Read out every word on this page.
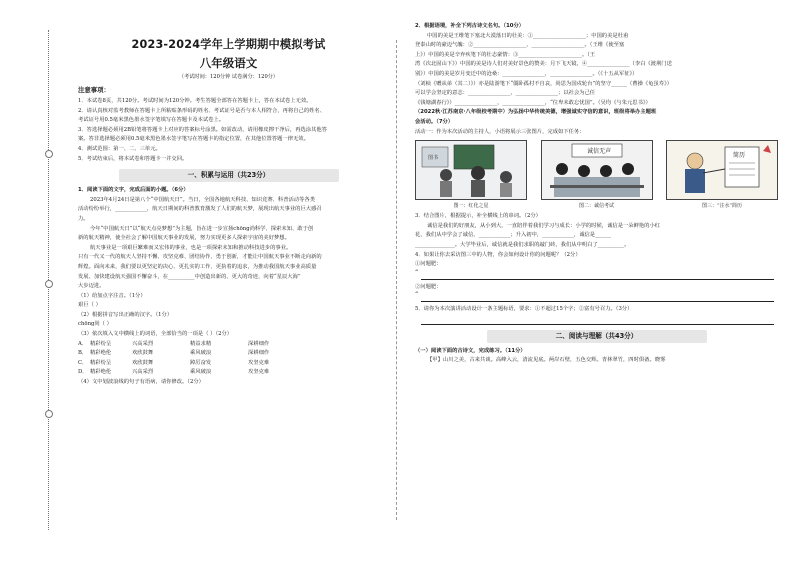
2023-2024学年上学期期中模拟考试
八年级语文
（考试时间：120分钟 试卷满分：120分）
注意事项：
1．本试卷8页，共120分。考试时间为120分钟。考生答题全部答在答题卡上，答在本试卷上无效。
2．请认真核对监考教师在答题卡上所粘贴条形码的姓名、考试证号是否与本人相符合，再将自己的姓名、
考试证号用0.5毫米黑色墨水签字笔填写在答题卡及本试卷上。
3．答选择题必须用2B铅笔将答题卡上对应的答案标号涂黑。如需改动，请用橡皮擦干净后，再选涂其他答
案。答非选择题必须用0.5毫米黑色墨水签字笔写在答题卡的指定位置，在其他位置答题一律无效。
4．测试范围：第一、二、三单元。
5．考试结束后，将本试卷和答题卡一并交回。
一、积累与运用（共23分）
1．阅读下面的文字，完成后面的小题。（6分）
2023年4月24日是第八个“中国航天日”。当日，全国各地航天科技、知识竞赛、科普活动等各类
活动纷纷举行，____________，航天日期间的科普教育激发了人们的航天梦，展现出航天事业的巨大感召
力。
今年“中国航天日”以“航天点亮梦想”为主题，旨在进一步宣扬chōng尚科学、探索未知、敢于创
新的航天精神，使全社会了解中国航天事业的发展，努力实现更多人探索宇宙的美好梦想。
航天事业是一项艰巨繁难而又宏伟的事业，也是一项探索未知和推动科技进步的事业。
只有一代又一代的航天人坚持不懈、攻坚克难、团结协作、勇于创新，才能让中国航天事业不断走向新的
辉煌。面向未来，我们要以更坚定的决心、更扎实的工作、更执着的追求，为推动我国航天事业高质量
发展、加快建设航天强国不懈奋斗，在__________中创造出新的、更大的奇迹，向着“星辰大海”
大步迈进。
（1）给加点字注音。（1分）
艰巨（ ）
（2）根据拼音写出正确的汉字。（1分）
chōng尚（ ）
（3）依次填入文中横线上的词语，全部恰当的一项是（ ）（2分）
A． 精彩纷呈	兴高采烈	精益求精	深耕细作
B． 精彩绝伦	欢欣鼓舞	乘风破浪	深耕细作
C． 精彩纷呈	欢欣鼓舞	踔厉奋发	攻坚克难
D． 精彩绝伦	兴高采烈	乘风破浪	攻坚克难
（4）文中划波浪线的句子有语病，请你修改。（2分）
2．根据语境，补全下列古诗文名句。（10分）
中国的美是王维笔下塞北大漠落日的壮美：①____________________；中国的美是杜甫
登泰山时的豪迈气魄：②____________________，____________________。（王维《使至塞
上》）中国的美是辛弃疾笔下的壮志豪情：③________________________。（王
湾《次北固山下》）中国的美是诗人们对美好景色的赞美：月下飞天镜，④________________（李白《渡荆门送
别》）中国的美是岁月变迁中的沧桑：________________，________________。（《十五从军征》）
（刘桢《赠从弟（其二）》）亦是陆游笔下“僵卧孤村不自哀，尚思为国戍轮台”的坚守______（曹操《龟虽寿》）
可以学会坚定的意志：________________，________________；以社会为己任
《钱塘湖春行》）________________，________________，“位卑未敢忘忧国”。（吴均《与朱元思书》）
（2022秋·江苏南京·八年级校考期中）为弘扬中华传统美德，增强诚实守信的意识，班级将举办主题班
会活动。（7分）
活动一：作为本次活动的主持人，小语将展示三张图片，完成如下任务：
图书
图一：红化之星
诚信无声
图二：诚信考试
简历
图三：“注水”简历
3．结合图片，根据提示，补全横线上的串词。（2分）
诚信是我们的好朋友，从小到大，一直陪伴着我们学习与成长：小学的时候，诚信是一朵鲜艳的小红
花，我们从中学会了诚信，____________；升入初中，____________，诚信是______
_______________。大学毕业后，诚信就是我们求职的敲门砖，我们从中明白了__________。
4．如果让你去采访图三中的人物，你会如何设计你的问题呢？（2分）
①问题肥：
“
②问题肥：
“
5．请你为本次演讲活动设计一条主题标语，要求：①不超过15个字；②富有号召力。（3分）
二、阅读与理解（共43分）
（一）阅读下面的古诗文，完成练习。（11分）
【甲】山川之美，古来共谈。高峰入云，清流见底。两岸石壁，五色交辉。青林翠竹，四时俱备。晓雾
